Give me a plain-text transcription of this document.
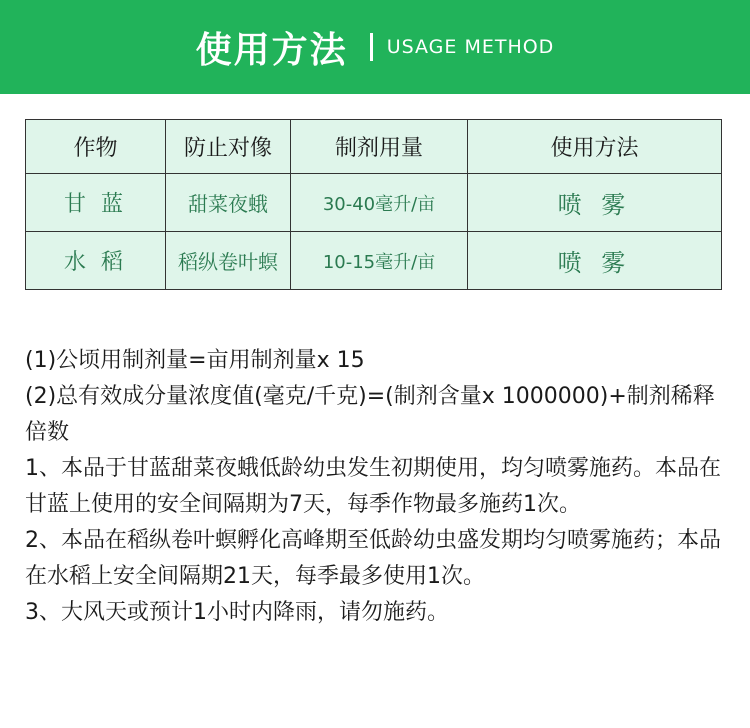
使用方法 USAGE METHOD
作物	防止对像	制剂用量	使用方法
甘 蓝	甜菜夜蛾	30-40毫升/亩	喷 雾
水 稻	稻纵卷叶螟	10-15毫升/亩	喷 雾

(1)公顷用制剂量=亩用制剂量x 15

(2)总有效成分量浓度值(毫克/千克)=(制剂含量x 1000000)+制剂稀释倍数

1、本品于甘蓝甜菜夜蛾低龄幼虫发生初期使用，均匀喷雾施药。本品在甘蓝上使用的安全间隔期为7天，每季作物最多施药1次。

2、本品在稻纵卷叶螟孵化高峰期至低龄幼虫盛发期均匀喷雾施药；本品在水稻上安全间隔期21天，每季最多使用1次。

3、大风天或预计1小时内降雨，请勿施药。
